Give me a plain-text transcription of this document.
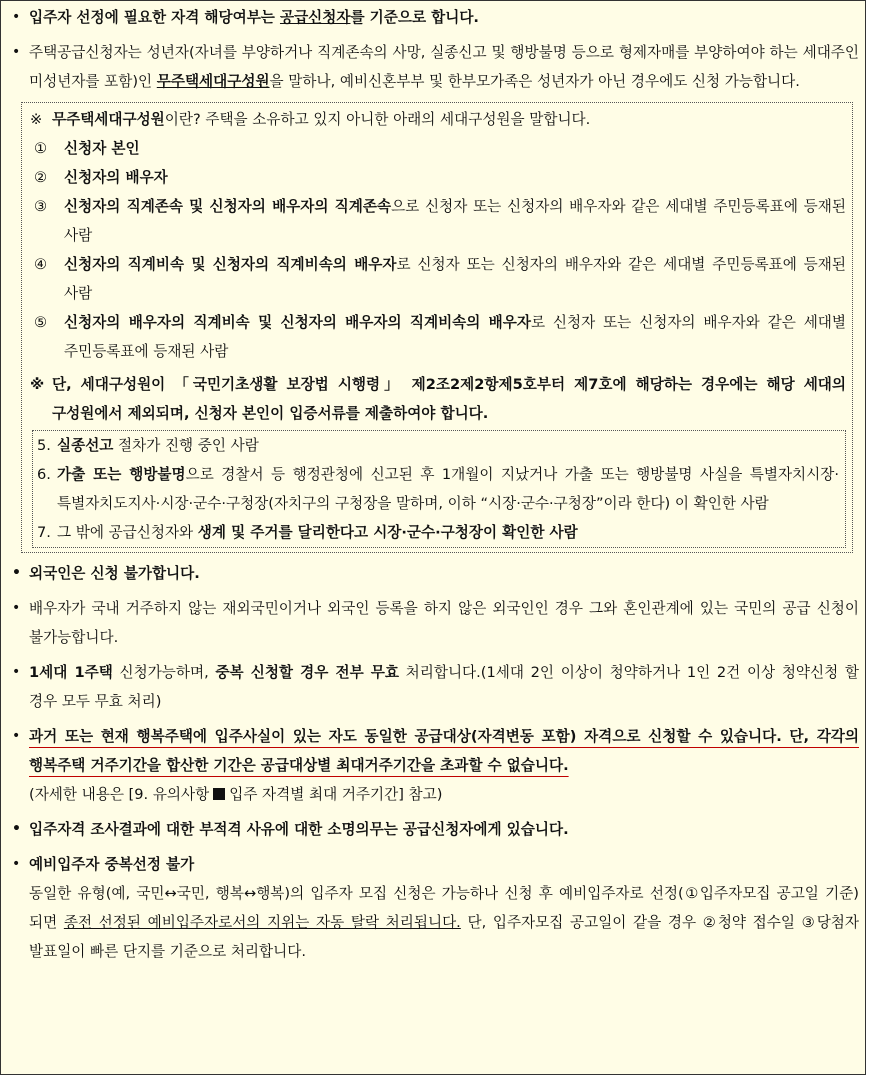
• 입주자 선정에 필요한 자격 해당여부는 공급신청자를 기준으로 합니다.

• 주택공급신청자는 성년자(자녀를 부양하거나 직계존속의 사망, 실종신고 및 행방불명 등으로 형제자매를 부양하여야 하는 세대주인 미성년자를 포함)인 무주택세대구성원을 말하나, 예비신혼부부 및 한부모가족은 성년자가 아닌 경우에도 신청 가능합니다.

※ 무주택세대구성원이란? 주택을 소유하고 있지 아니한 아래의 세대구성원을 말합니다.
① 신청자 본인
② 신청자의 배우자
③ 신청자의 직계존속 및 신청자의 배우자의 직계존속으로 신청자 또는 신청자의 배우자와 같은 세대별 주민등록표에 등재된 사람
④ 신청자의 직계비속 및 신청자의 직계비속의 배우자로 신청자 또는 신청자의 배우자와 같은 세대별 주민등록표에 등재된 사람
⑤ 신청자의 배우자의 직계비속 및 신청자의 배우자의 직계비속의 배우자로 신청자 또는 신청자의 배우자와 같은 세대별 주민등록표에 등재된 사람
※ 단, 세대구성원이 「국민기초생활 보장법 시행령」 제2조2제2항제5호부터 제7호에 해당하는 경우에는 해당 세대의 구성원에서 제외되며, 신청자 본인이 입증서류를 제출하여야 합니다.
5. 실종선고 절차가 진행 중인 사람
6. 가출 또는 행방불명으로 경찰서 등 행정관청에 신고된 후 1개월이 지났거나 가출 또는 행방불명 사실을 특별자치시장·특별자치도지사·시장·군수·구청장(자치구의 구청장을 말하며, 이하 “시장·군수·구청장”이라 한다) 이 확인한 사람
7. 그 밖에 공급신청자와 생계 및 주거를 달리한다고 시장·군수·구청장이 확인한 사람

• 외국인은 신청 불가합니다.

• 배우자가 국내 거주하지 않는 재외국민이거나 외국인 등록을 하지 않은 외국인인 경우 그와 혼인관계에 있는 국민의 공급 신청이 불가능합니다.

• 1세대 1주택 신청가능하며, 중복 신청할 경우 전부 무효 처리합니다.(1세대 2인 이상이 청약하거나 1인 2건 이상 청약신청 할 경우 모두 무효 처리)

• 과거 또는 현재 행복주택에 입주사실이 있는 자도 동일한 공급대상(자격변동 포함) 자격으로 신청할 수 있습니다. 단, 각각의 행복주택 거주기간을 합산한 기간은 공급대상별 최대거주기간을 초과할 수 없습니다.
(자세한 내용은 [9. 유의사항 입주 자격별 최대 거주기간] 참고)

• 입주자격 조사결과에 대한 부적격 사유에 대한 소명의무는 공급신청자에게 있습니다.

• 예비입주자 중복선정 불가
동일한 유형(예, 국민↔국민, 행복↔행복)의 입주자 모집 신청은 가능하나 신청 후 예비입주자로 선정(①입주자모집 공고일 기준)되면 종전 선정된 예비입주자로서의 지위는 자동 탈락 처리됩니다. 단, 입주자모집 공고일이 같을 경우 ②청약 접수일 ③당첨자 발표일이 빠른 단지를 기준으로 처리합니다.
